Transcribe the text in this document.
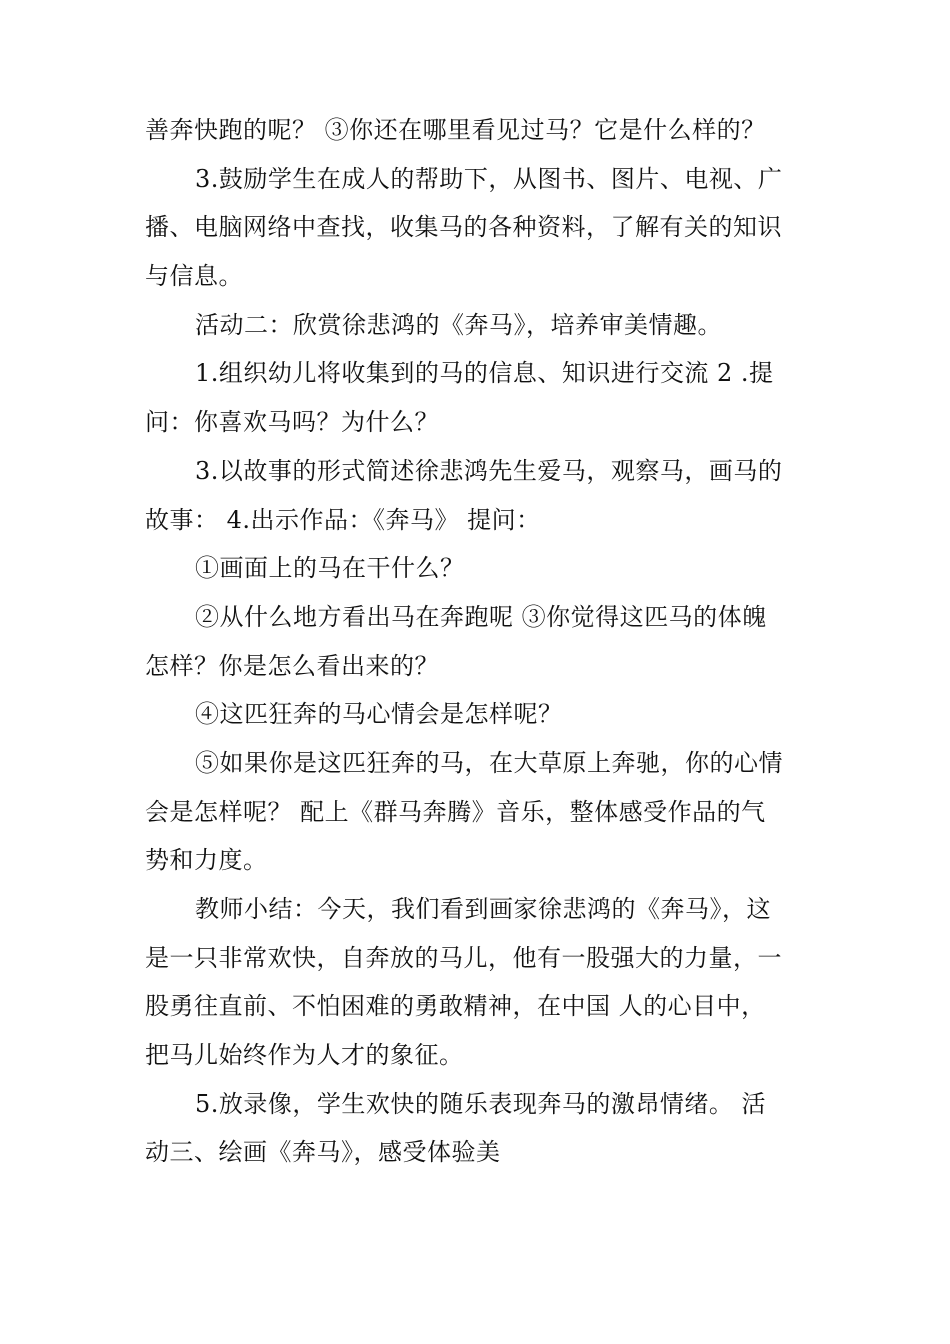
善奔快跑的呢？ ③你还在哪里看见过马？它是什么样的？
3.鼓励学生在成人的帮助下，从图书、图片、电视、广
播、电脑网络中查找，收集马的各种资料，了解有关的知识
与信息。
活动二：欣赏徐悲鸿的《奔马》，培养审美情趣。
1.组织幼儿将收集到的马的信息、知识进行交流 2 .提
问：你喜欢马吗？为什么？
3.以故事的形式简述徐悲鸿先生爱马，观察马，画马的
故事： 4.出示作品：《奔马》 提问：
①画面上的马在干什么？
②从什么地方看出马在奔跑呢 ③你觉得这匹马的体魄
怎样？你是怎么看出来的？
④这匹狂奔的马心情会是怎样呢？
⑤如果你是这匹狂奔的马，在大草原上奔驰，你的心情
会是怎样呢？ 配上《群马奔腾》音乐，整体感受作品的气
势和力度。
教师小结：今天，我们看到画家徐悲鸿的《奔马》，这
是一只非常欢快，自奔放的马儿，他有一股强大的力量，一
股勇往直前、不怕困难的勇敢精神，在中国 人的心目中，
把马儿始终作为人才的象征。
5.放录像，学生欢快的随乐表现奔马的激昂情绪。 活
动三、绘画《奔马》，感受体验美
